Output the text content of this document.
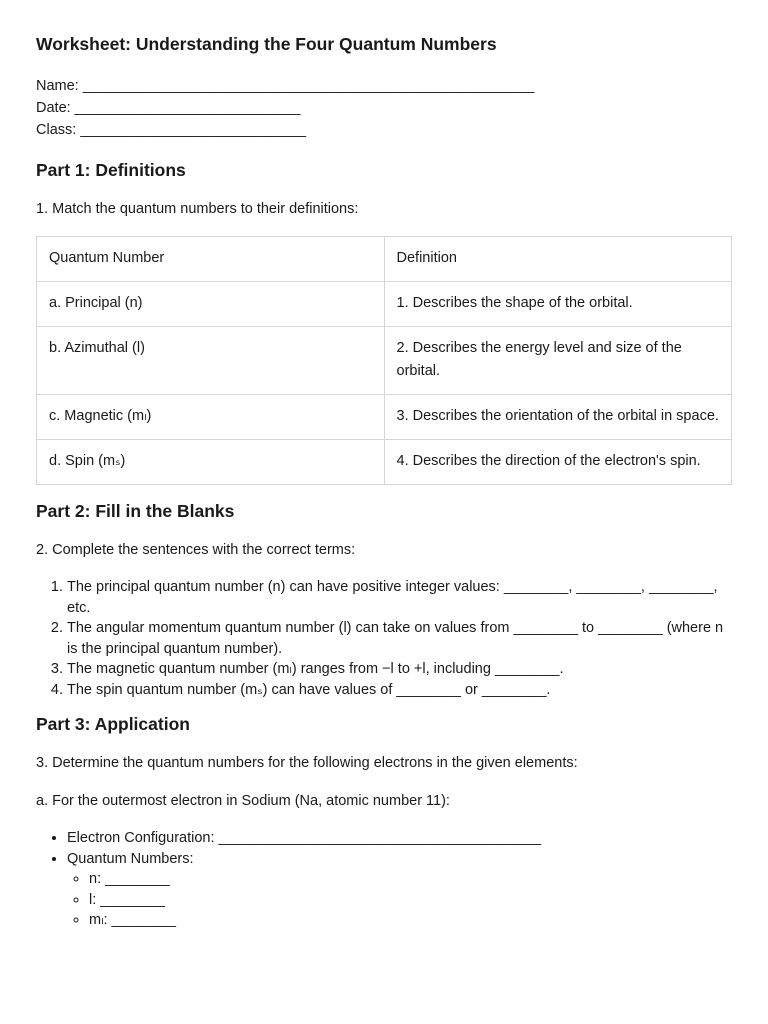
Worksheet: Understanding the Four Quantum Numbers

Name: ________________________________________________________

Date: ____________________________

Class: ____________________________

Part 1: Definitions

1. Match the quantum numbers to their definitions:

Quantum Number	Definition
a. Principal (n)	1. Describes the shape of the orbital.
b. Azimuthal (l)	2. Describes the energy level and size of the orbital.
c. Magnetic (mₗ)	3. Describes the orientation of the orbital in space.
d. Spin (mₛ)	4. Describes the direction of the electron's spin.
Part 2: Fill in the Blanks

2. Complete the sentences with the correct terms:

1. The principal quantum number (n) can have positive integer values: ________, ________, ________, etc.
2. The angular momentum quantum number (l) can take on values from ________ to ________ (where n is the principal quantum number).
3. The magnetic quantum number (mₗ) ranges from −l to +l, including ________.
4. The spin quantum number (mₛ) can have values of ________ or ________.
Part 3: Application

3. Determine the quantum numbers for the following electrons in the given elements:

a. For the outermost electron in Sodium (Na, atomic number 11):

• Electron Configuration: ________________________________________
• Quantum Numbers:
◦ n: ________
◦ l: ________
◦ mₗ: ________
